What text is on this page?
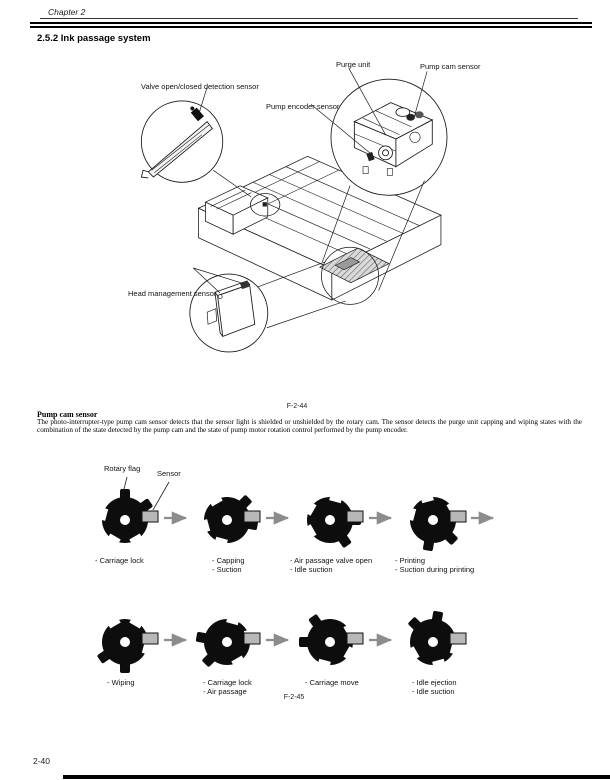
Chapter 2
2.5.2 Ink passage system
Valve open/closed detection sensor
Purge unit	Pump cam sensor
Pump encoder sensor
Head management sensor
F-2-44
Pump cam sensor
The photo-interrupter-type pump cam sensor detects that the sensor light is shielded or unshielded by the rotary cam. The sensor detects the purge unit capping and wiping states with the combination of the state detected by the pump cam and the state of pump motor rotation control performed by the pump encoder.
Rotary flag
Sensor
- Carriage lock	- Capping
- Suction
- Air passage valve open
- Idle suction
- Printing
- Suction during printing
- Wiping	- Carriage lock
- Air passage
- Carriage move	- Idle ejection
- Idle suction
F-2-45
2-40
